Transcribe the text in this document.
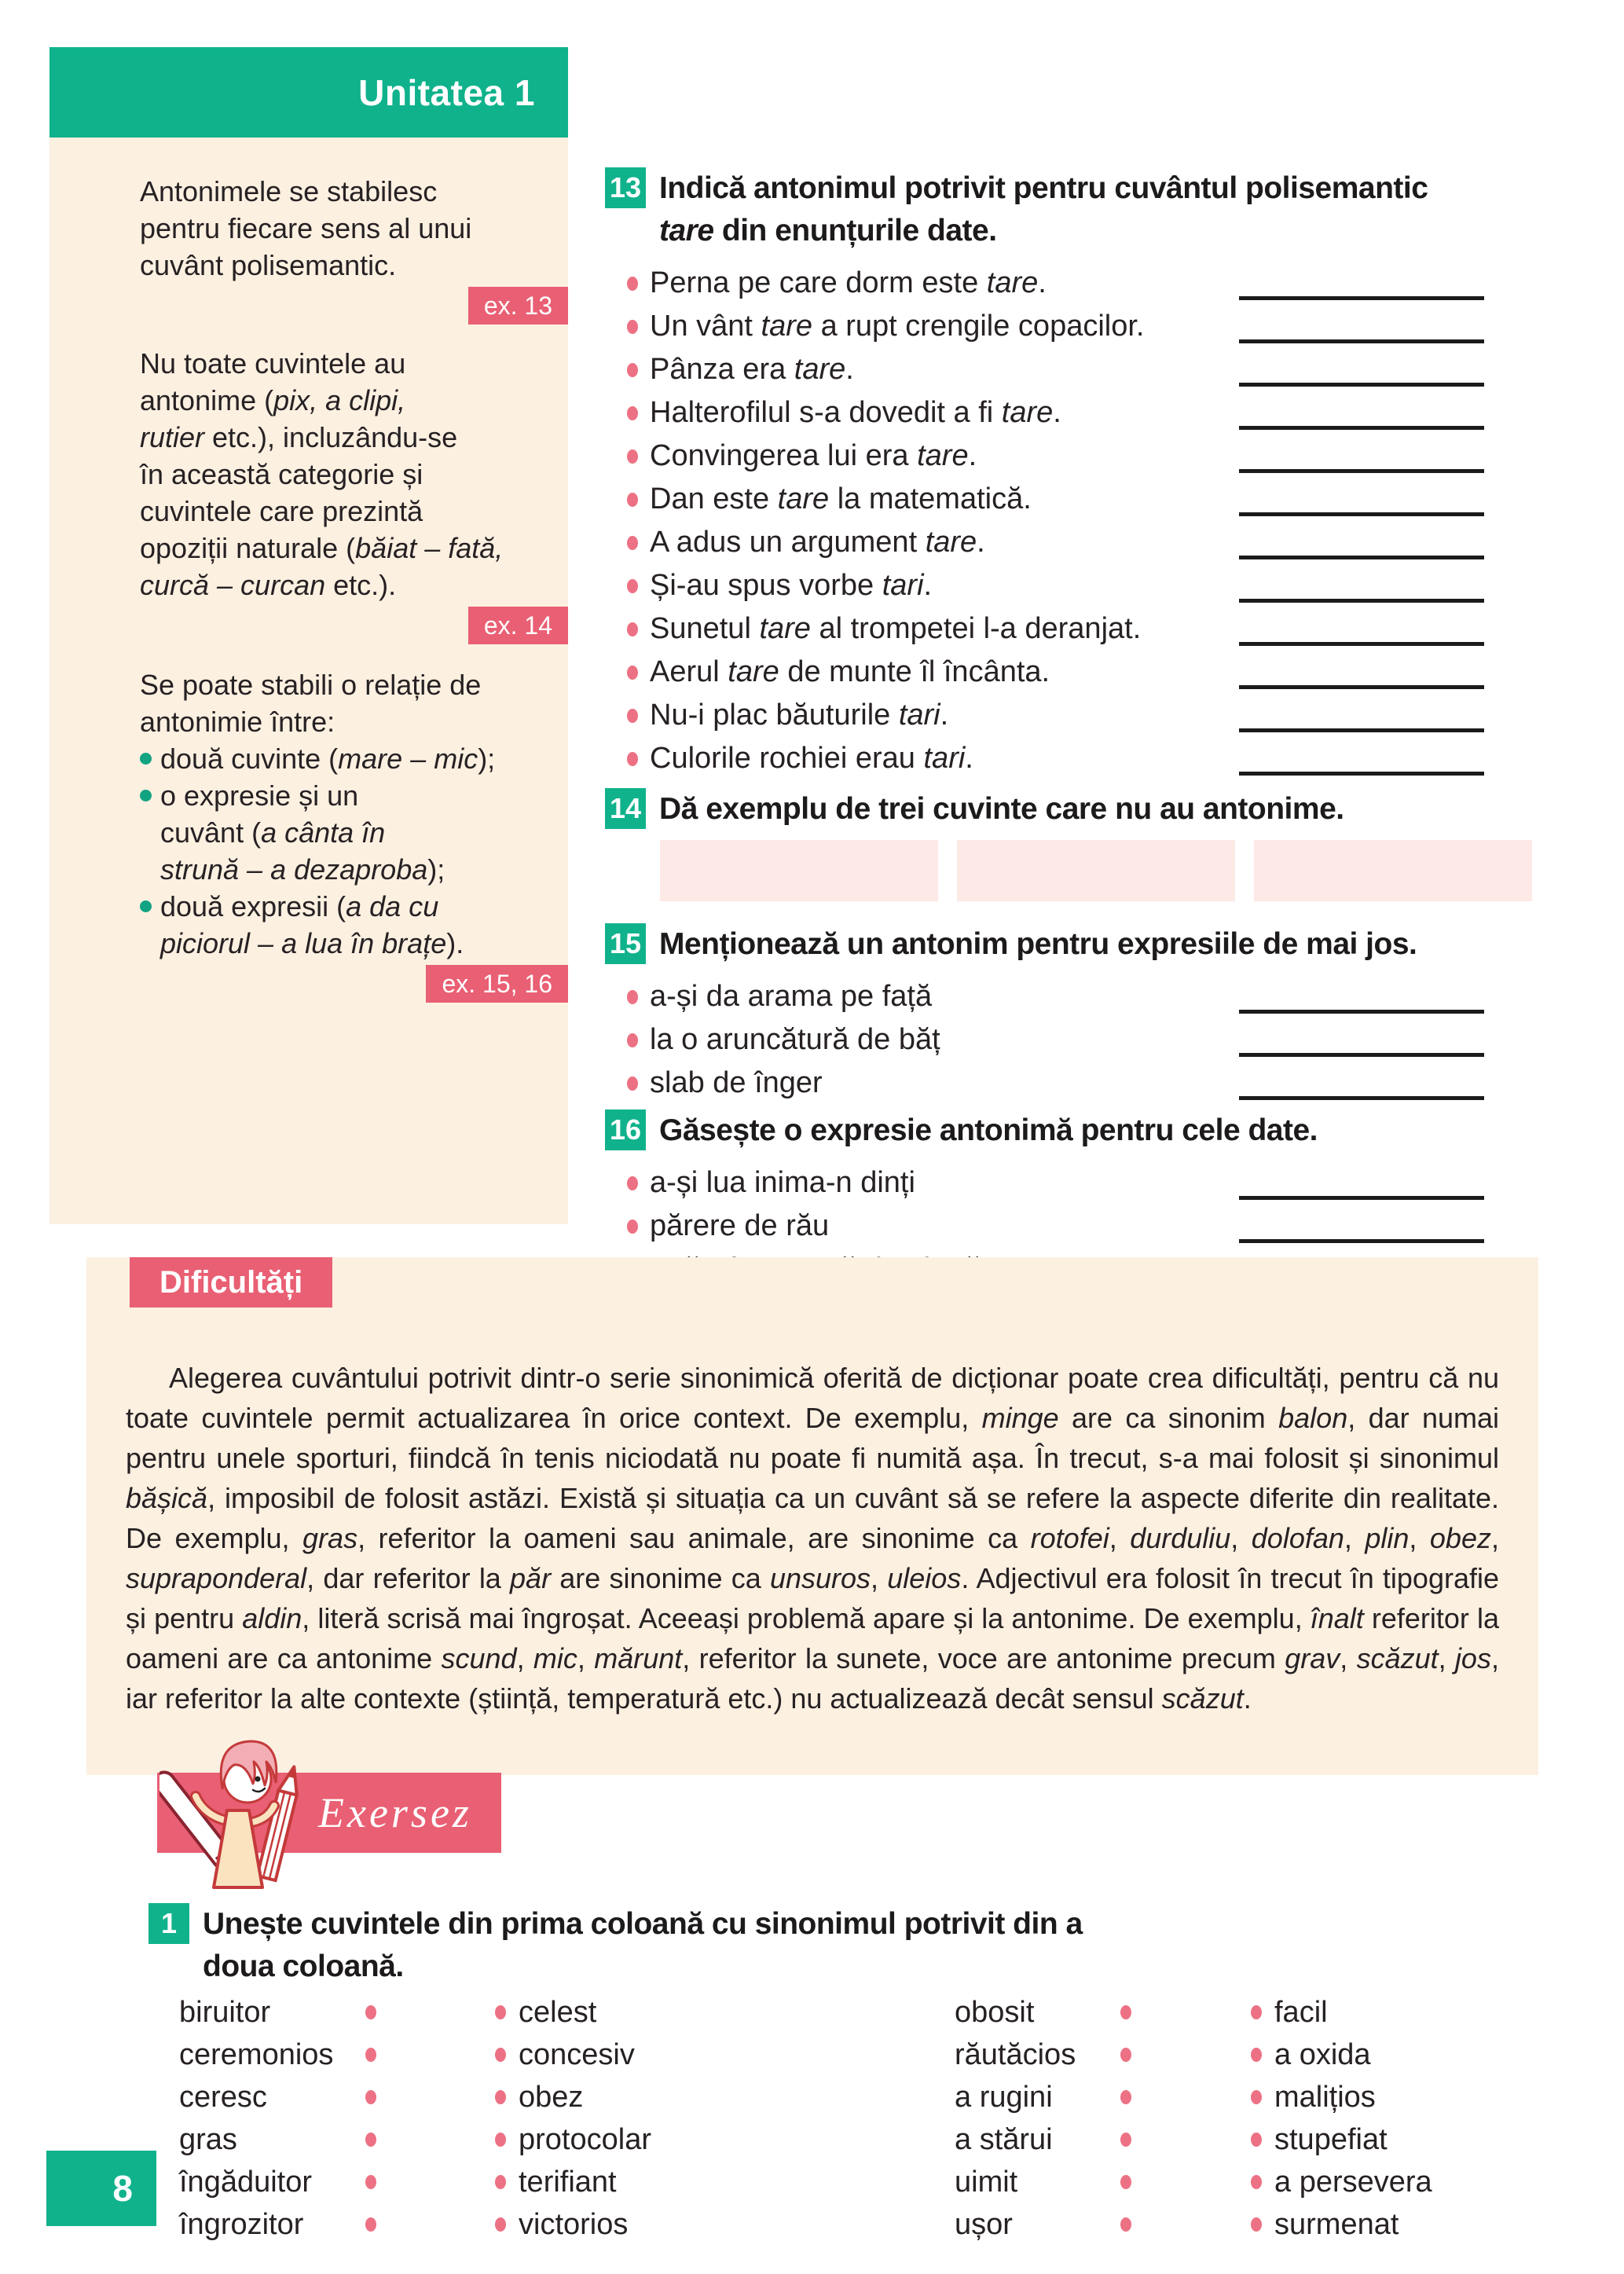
Unitatea 1

Antonimele se stabilesc
pentru fiecare sens al unui
cuvânt polisemantic.

ex. 13

Nu toate cuvintele au
antonime (pix, a clipi,
rutier etc.), incluzându-se
în această categorie și
cuvintele care prezintă
opoziții naturale (băiat – fată,
curcă – curcan etc.).

ex. 14

Se poate stabili o relație de
antonimie între:

două cuvinte (mare – mic);
o expresie și un
cuvânt (a cânta în
strună – a dezaproba);
două expresii (a da cu
piciorul – a lua în brațe).
ex. 15, 16
13 Indică antonimul potrivit pentru cuvântul polisemantic
tare din enunțurile date.
Perna pe care dorm este tare.
Un vânt tare a rupt crengile copacilor.
Pânza era tare.
Halterofilul s-a dovedit a fi tare.
Convingerea lui era tare.
Dan este tare la matematică.
A adus un argument tare.
Și-au spus vorbe tari.
Sunetul tare al trompetei l-a deranjat.
Aerul tare de munte îl încânta.
Nu-i plac băuturile tari.
Culorile rochiei erau tari.
14 Dă exemplu de trei cuvinte care nu au antonime.
15 Menționează un antonim pentru expresiile de mai jos.
a-și da arama pe față
la o aruncătură de băț
slab de înger
16 Găsește o expresie antonimă pentru cele date.
a-și lua inima-n dinți
părere de rău
Dificultăți

Alegerea cuvântului potrivit dintr-o serie sinonimică oferită de dicționar poate crea dificultăți, pentru că nu toate cuvintele permit actualizarea în orice context. De exemplu, minge are ca sinonim balon, dar numai pentru unele sporturi, fiindcă în tenis niciodată nu poate fi numită așa. În trecut, s-a mai folosit și sinonimul bășică, imposibil de folosit astăzi. Există și situația ca un cuvânt să se refere la aspecte diferite din realitate. De exemplu, gras, referitor la oameni sau animale, are sinonime ca rotofei, durduliu, dolofan, plin, obez, supraponderal, dar referitor la păr are sinonime ca unsuros, uleios. Adjectivul era folosit în trecut în tipografie și pentru aldin, literă scrisă mai îngroșat. Aceeași problemă apare și la antonime. De exemplu, înalt referitor la oameni are ca antonime scund, mic, mărunt, referitor la sunete, voce are antonime precum grav, scăzut, jos, iar referitor la alte contexte (știință, temperatură etc.) nu actualizează decât sensul scăzut.

Exersez
1 Unește cuvintele din prima coloană cu sinonimul potrivit din a doua coloană.
biruitor
ceremonios
ceresc
gras
îngăduitor
îngrozitor
celest
concesiv
obez
protocolar
terifiant
victorios
obosit
răutăcios
a rugini
a stărui
uimit
ușor
facil
a oxida
malițios
stupefiat
a persevera
surmenat
8
